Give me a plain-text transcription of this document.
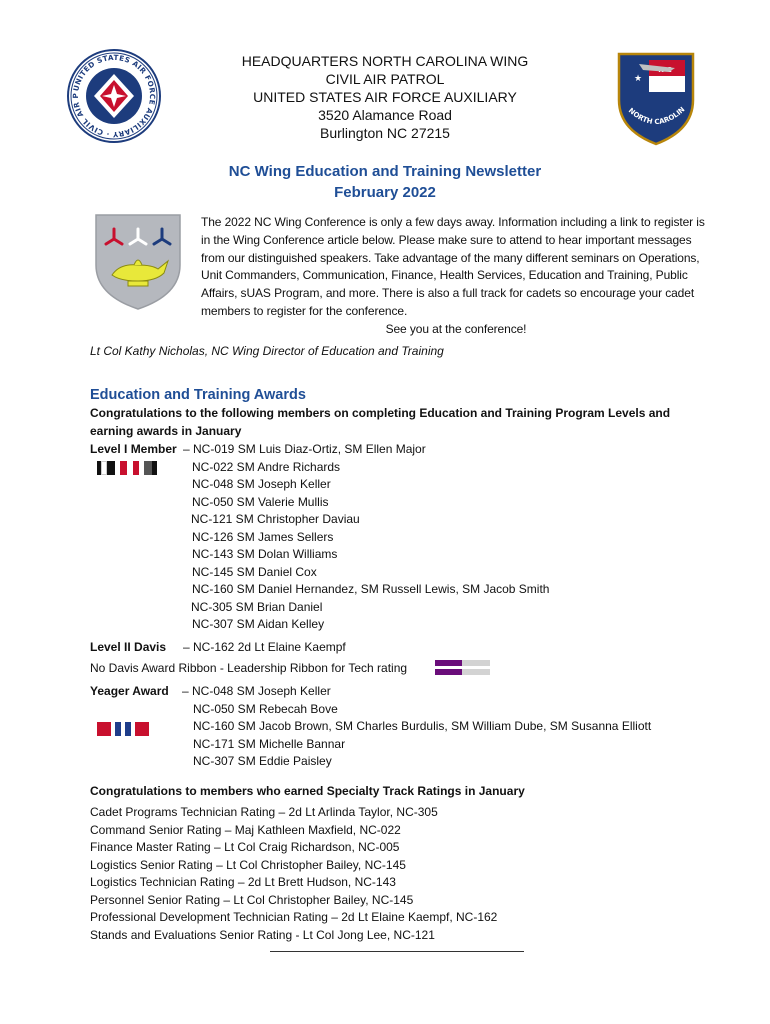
UNITED STATES AIR FORCE AUXILIARY · CIVIL AIR P
HEADQUARTERS NORTH CAROLINA WING
CIVIL AIR PATROL
UNITED STATES AIR FORCE AUXILIARY
3520 Alamance Road
Burlington NC 27215
★
NORTH CAROLIN
NC Wing Education and Training Newsletter
February 2022
The 2022 NC Wing Conference is only a few days away. Information including a link to register is in the Wing Conference article below. Please make sure to attend to hear important messages from our distinguished speakers. Take advantage of the many different seminars on Operations, Unit Commanders, Communication, Finance, Health Services, Education and Training, Public Affairs, sUAS Program, and more. There is also a full track for cadets so encourage your cadet members to register for the conference.
See you at the conference!
Lt Col Kathy Nicholas, NC Wing Director of Education and Training
Education and Training Awards
Congratulations to the following members on completing Education and Training Program Levels and earning awards in January
Level I Member – NC-019 SM Luis Diaz-Ortiz, SM Ellen Major
NC-022 SM Andre Richards
NC-048 SM Joseph Keller
NC-050 SM Valerie Mullis
NC-121 SM Christopher Daviau
NC-126 SM James Sellers
NC-143 SM Dolan Williams
NC-145 SM Daniel Cox
NC-160 SM Daniel Hernandez, SM Russell Lewis, SM Jacob Smith
NC-305 SM Brian Daniel
NC-307 SM Aidan Kelley
Level II Davis – NC-162 2d Lt Elaine Kaempf
No Davis Award Ribbon - Leadership Ribbon for Tech rating
Yeager Award – NC-048 SM Joseph Keller
NC-050 SM Rebecah Bove
NC-160 SM Jacob Brown, SM Charles Burdulis, SM William Dube, SM Susanna Elliott
NC-171 SM Michelle Bannar
NC-307 SM Eddie Paisley
Congratulations to members who earned Specialty Track Ratings in January
Cadet Programs Technician Rating – 2d Lt Arlinda Taylor, NC-305
Command Senior Rating – Maj Kathleen Maxfield, NC-022
Finance Master Rating – Lt Col Craig Richardson, NC-005
Logistics Senior Rating – Lt Col Christopher Bailey, NC-145
Logistics Technician Rating – 2d Lt Brett Hudson, NC-143
Personnel Senior Rating – Lt Col Christopher Bailey, NC-145
Professional Development Technician Rating – 2d Lt Elaine Kaempf, NC-162
Stands and Evaluations Senior Rating - Lt Col Jong Lee, NC-121
